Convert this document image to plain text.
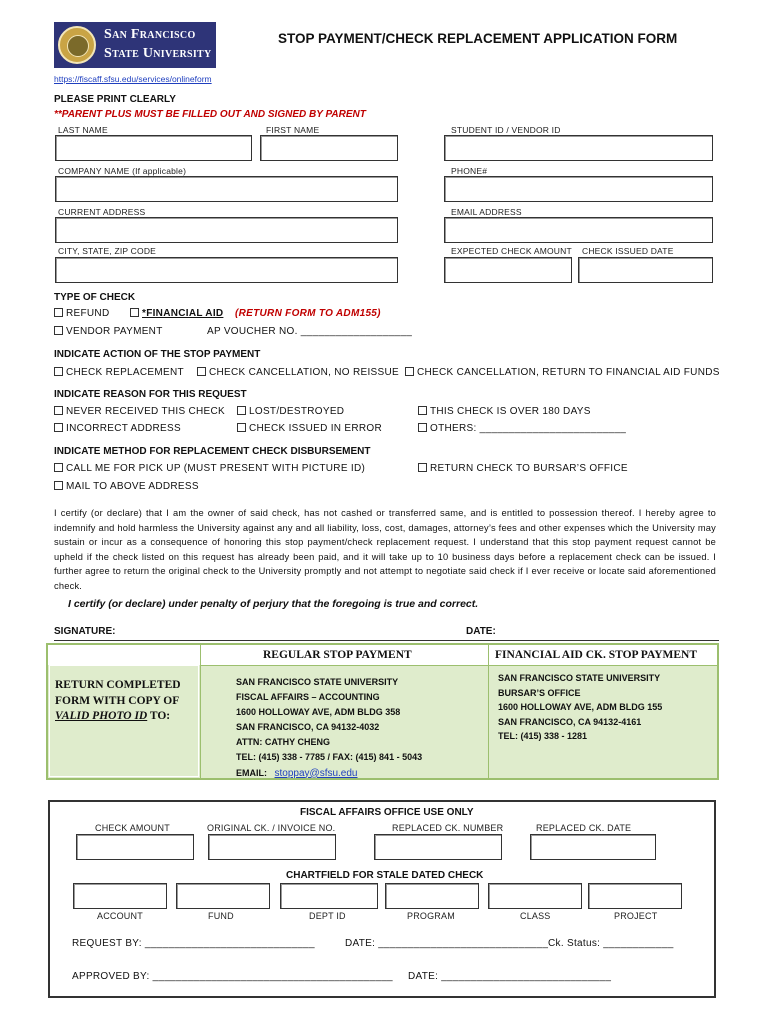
San Francisco
State University
STOP PAYMENT/CHECK REPLACEMENT APPLICATION FORM
https://fiscaff.sfsu.edu/services/onlineform
PLEASE PRINT CLEARLY
**PARENT PLUS MUST BE FILLED OUT AND SIGNED BY PARENT
LAST NAME	FIRST NAME	STUDENT ID / VENDOR ID
COMPANY NAME (If applicable)	PHONE#
CURRENT ADDRESS	EMAIL ADDRESS
CITY, STATE, ZIP CODE	EXPECTED CHECK AMOUNT CHECK ISSUED DATE
TYPE OF CHECK
REFUND	*FINANCIAL AID (RETURN FORM TO ADM155)
VENDOR PAYMENT	AP VOUCHER NO. ___________________
INDICATE ACTION OF THE STOP PAYMENT
CHECK REPLACEMENT	CHECK CANCELLATION, NO REISSUE	CHECK CANCELLATION, RETURN TO FINANCIAL AID FUNDS
INDICATE REASON FOR THIS REQUEST
NEVER RECEIVED THIS CHECK	LOST/DESTROYED	THIS CHECK IS OVER 180 DAYS
INCORRECT ADDRESS	CHECK ISSUED IN ERROR	OTHERS: _________________________
INDICATE METHOD FOR REPLACEMENT CHECK DISBURSEMENT
CALL ME FOR PICK UP (MUST PRESENT WITH PICTURE ID)	RETURN CHECK TO BURSAR’S OFFICE
MAIL TO ABOVE ADDRESS
I certify (or declare) that I am the owner of said check, has not cashed or transferred same, and is entitled to possession thereof. I hereby agree to indemnify and hold harmless the University against any and all liability, loss, cost, damages, attorney’s fees and other expenses which the University may sustain or incur as a consequence of honoring this stop payment/check replacement request. I understand that this stop payment request cannot be upheld if the check listed on this request has already been paid, and it will take up to 10 business days before a replacement check can be issued. I further agree to return the original check to the University promptly and not attempt to negotiate said check if I ever receive or locate said aforementioned check.
I certify (or declare) under penalty of perjury that the foregoing is true and correct.
SIGNATURE:	DATE:
REGULAR STOP PAYMENT	FINANCIAL AID CK. STOP PAYMENT
RETURN COMPLETED
FORM WITH COPY OF
VALID PHOTO ID TO:
SAN FRANCISCO STATE UNIVERSITY
FISCAL AFFAIRS – ACCOUNTING
1600 HOLLOWAY AVE, ADM BLDG 358
SAN FRANCISCO, CA 94132-4032
ATTN: CATHY CHENG
TEL: (415) 338 - 7785 / FAX: (415) 841 - 5043
EMAIL: stoppay@sfsu.edu
SAN FRANCISCO STATE UNIVERSITY
BURSAR’S OFFICE
1600 HOLLOWAY AVE, ADM BLDG 155
SAN FRANCISCO, CA 94132-4161
TEL: (415) 338 - 1281
FISCAL AFFAIRS OFFICE USE ONLY
CHECK AMOUNT	ORIGINAL CK. / INVOICE NO.	REPLACED CK. NUMBER	REPLACED CK. DATE
CHARTFIELD FOR STALE DATED CHECK
ACCOUNT	FUND	DEPT ID	PROGRAM	CLASS	PROJECT
REQUEST BY: _____________________________	DATE: _____________________________ Ck. Status: ____________
APPROVED BY: _________________________________________ DATE: _____________________________
